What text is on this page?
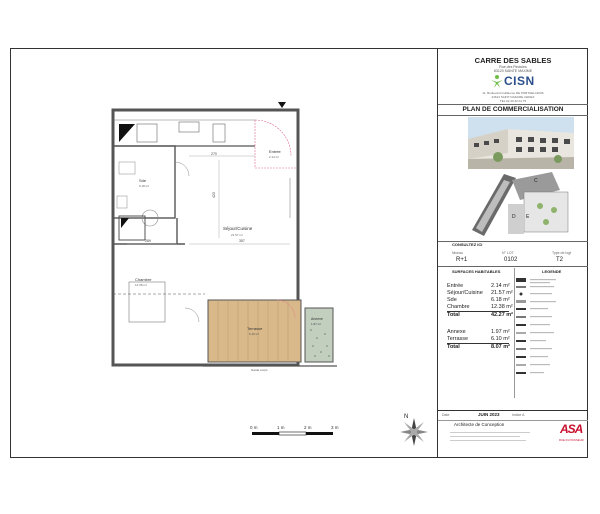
Entrée
2.14 m²
Séjour/Cuisine
21.57 m²
Sde
6.18 m²
Chambre
12.38 m²
Terrasse
6.10 m²
Annexe
1.97 m²
270
357
289
423
Garde corps
0 m	1 m	2 m	3 m
N
CARRE DES SABLES
Rue des Pindules
83120 SAINTE MAXIME
CISN
11, Boulevard Guillaume DE PORTHELLENIS
44613 SAINT NAZAIRE CEDEX
TEL 02 40 22 01 75
PLAN DE COMMERCIALISATION
D E
C
CONSULTEZ ICI
Niveau	N° LOT	Type de logt
R+1	0102	T2
SURFACES HABITABLES	LEGENDE
Entrée	2.14 m²
Séjour/Cuisine 21.57 m²
Sde	6.18 m²
Chambre	12.38 m²
Total	42.27 m²
Annexe	1.97 m²
Terrasse	6.10 m²
Total	8.07 m²
Date	JUIN 2023	Indice A
Architecte de Conception	ASA
RUE DU PASSEUR
